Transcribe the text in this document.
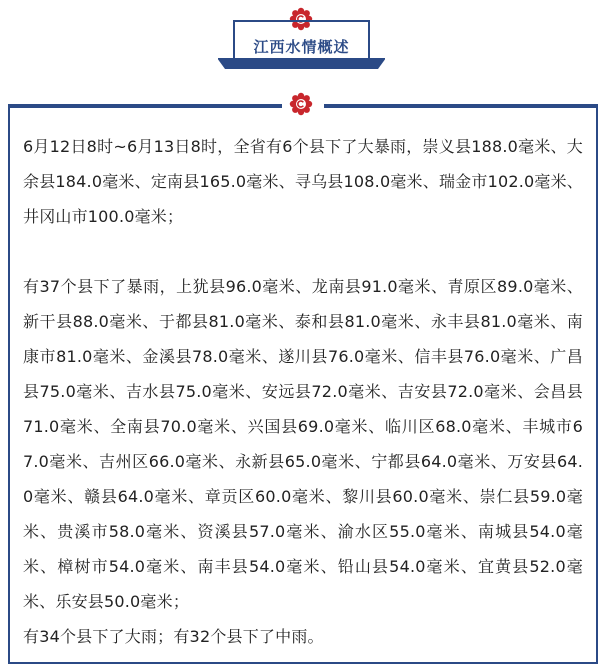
江西水情概述

6月12日8时~6月13日8时，全省有6个县下了大暴雨，崇义县188.0毫米、大余县184.0毫米、定南县165.0毫米、寻乌县108.0毫米、瑞金市102.0毫米、井冈山市100.0毫米；

有37个县下了暴雨，上犹县96.0毫米、龙南县91.0毫米、青原区89.0毫米、新干县88.0毫米、于都县81.0毫米、泰和县81.0毫米、永丰县81.0毫米、南康市81.0毫米、金溪县78.0毫米、遂川县76.0毫米、信丰县76.0毫米、广昌县75.0毫米、吉水县75.0毫米、安远县72.0毫米、吉安县72.0毫米、会昌县71.0毫米、全南县70.0毫米、兴国县69.0毫米、临川区68.0毫米、丰城市67.0毫米、吉州区66.0毫米、永新县65.0毫米、宁都县64.0毫米、万安县64.0毫米、赣县64.0毫米、章贡区60.0毫米、黎川县60.0毫米、崇仁县59.0毫米、贵溪市58.0毫米、资溪县57.0毫米、渝水区55.0毫米、南城县54.0毫米、樟树市54.0毫米、南丰县54.0毫米、铅山县54.0毫米、宜黄县52.0毫米、乐安县50.0毫米；

有34个县下了大雨；有32个县下了中雨。
